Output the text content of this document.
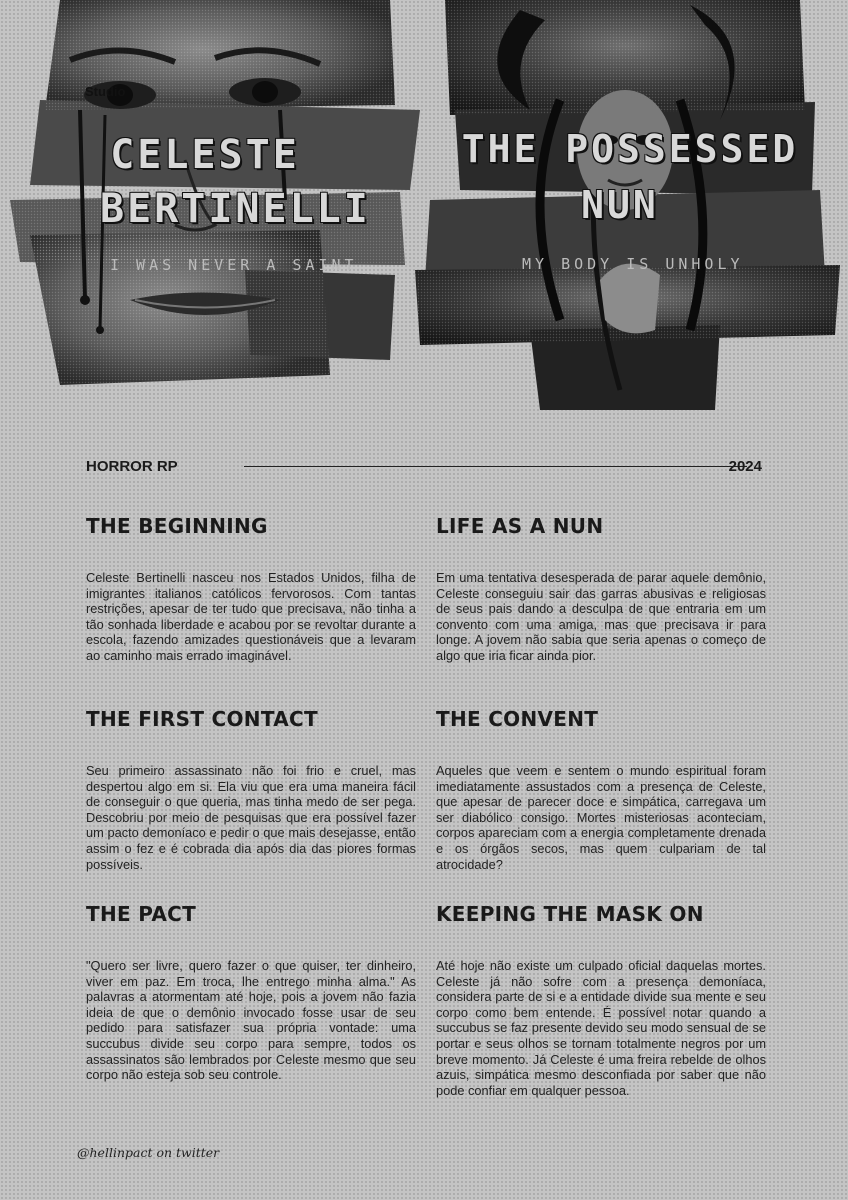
Studio
CELESTE
BERTINELLI
I WAS NEVER A SAINT
THE POSSESSED
NUN
MY BODY IS UNHOLY
HORROR RP	2024
THE BEGINNING

Celeste Bertinelli nasceu nos Estados Unidos, filha de imigrantes italianos católicos fervorosos. Com tantas restrições, apesar de ter tudo que precisava, não tinha a tão sonhada liberdade e acabou por se revoltar durante a escola, fazendo amizades questionáveis que a levaram ao caminho mais errado imaginável.

LIFE AS A NUN

Em uma tentativa desesperada de parar aquele demônio, Celeste conseguiu sair das garras abusivas e religiosas de seus pais dando a desculpa de que entraria em um convento com uma amiga, mas que precisava ir para longe. A jovem não sabia que seria apenas o começo de algo que iria ficar ainda pior.

THE FIRST CONTACT

Seu primeiro assassinato não foi frio e cruel, mas despertou algo em si. Ela viu que era uma maneira fácil de conseguir o que queria, mas tinha medo de ser pega. Descobriu por meio de pesquisas que era possível fazer um pacto demoníaco e pedir o que mais desejasse, então assim o fez e é cobrada dia após dia das piores formas possíveis.

THE CONVENT

Aqueles que veem e sentem o mundo espiritual foram imediatamente assustados com a presença de Celeste, que apesar de parecer doce e simpática, carregava um ser diabólico consigo. Mortes misteriosas aconteciam, corpos apareciam com a energia completamente drenada e os órgãos secos, mas quem culpariam de tal atrocidade?

THE PACT

"Quero ser livre, quero fazer o que quiser, ter dinheiro, viver em paz. Em troca, lhe entrego minha alma." As palavras a atormentam até hoje, pois a jovem não fazia ideia de que o demônio invocado fosse usar de seu pedido para satisfazer sua própria vontade: uma succubus divide seu corpo para sempre, todos os assassinatos são lembrados por Celeste mesmo que seu corpo não esteja sob seu controle.

KEEPING THE MASK ON

Até hoje não existe um culpado oficial daquelas mortes. Celeste já não sofre com a presença demoníaca, considera parte de si e a entidade divide sua mente e seu corpo como bem entende. É possível notar quando a succubus se faz presente devido seu modo sensual de se portar e seus olhos se tornam totalmente negros por um breve momento. Já Celeste é uma freira rebelde de olhos azuis, simpática mesmo desconfiada por saber que não pode confiar em qualquer pessoa.

@hellinpact on twitter
